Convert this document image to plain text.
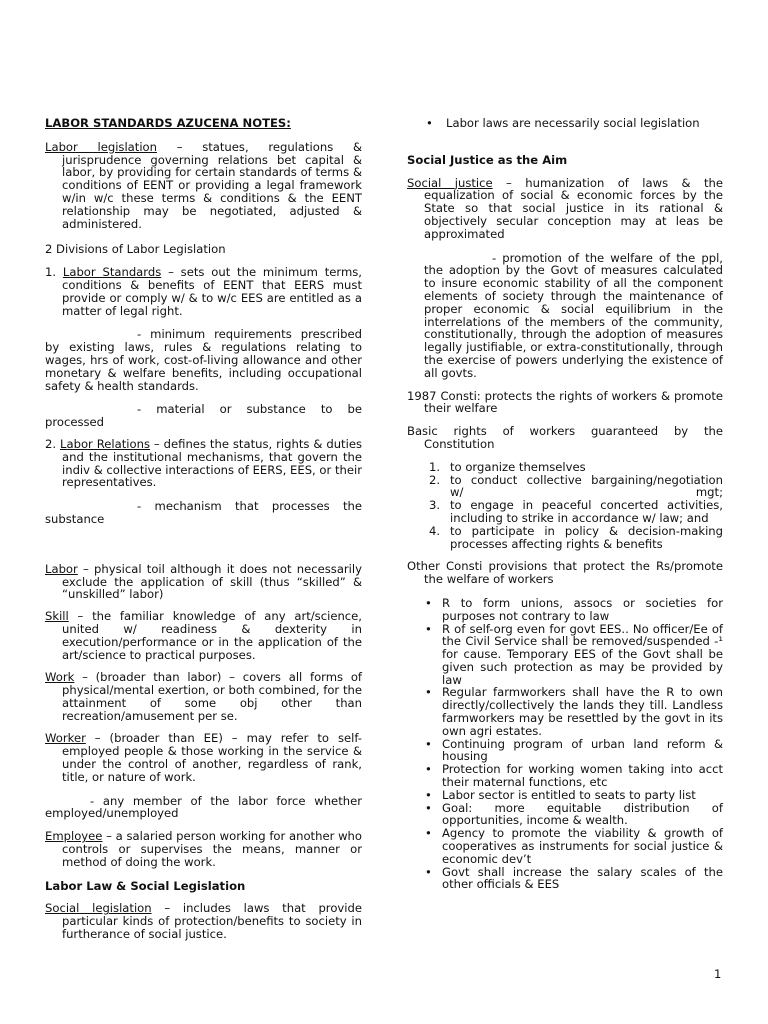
LABOR STANDARDS AZUCENA NOTES:

Labor legislation – statues, regulations & jurisprudence governing relations bet capital & labor, by providing for certain standards of terms & conditions of EENT or providing a legal framework w/in w/c these terms & conditions & the EENT relationship may be negotiated, adjusted & administered.

2 Divisions of Labor Legislation

1. Labor Standards – sets out the minimum terms, conditions & benefits of EENT that EERS must provide or comply w/ & to w/c EES are entitled as a matter of legal right.

- minimum requirements prescribed by existing laws, rules & regulations relating to wages, hrs of work, cost-of-living allowance and other monetary & welfare benefits, including occupational safety & health standards.

- material or substance to be processed

2. Labor Relations – defines the status, rights & duties and the institutional mechanisms, that govern the indiv & collective interactions of EERS, EES, or their representatives.

- mechanism that processes the substance

Labor – physical toil although it does not necessarily exclude the application of skill (thus “skilled” & “unskilled” labor)

Skill – the familiar knowledge of any art/science, united w/ readiness & dexterity in execution/performance or in the application of the art/science to practical purposes.

Work – (broader than labor) – covers all forms of physical/mental exertion, or both combined, for the attainment of some obj other than recreation/amusement per se.

Worker – (broader than EE) – may refer to self-employed people & those working in the service & under the control of another, regardless of rank, title, or nature of work.

- any member of the labor force whether employed/unemployed

Employee – a salaried person working for another who controls or supervises the means, manner or method of doing the work.

Labor Law & Social Legislation

Social legislation – includes laws that provide particular kinds of protection/benefits to society in furtherance of social justice.

• Labor laws are necessarily social legislation

Social Justice as the Aim

Social justice – humanization of laws & the equalization of social & economic forces by the State so that social justice in its rational & objectively secular conception may at leas be approximated

- promotion of the welfare of the ppl, the adoption by the Govt of measures calculated to insure economic stability of all the component elements of society through the maintenance of proper economic & social equilibrium in the interrelations of the members of the community, constitutionally, through the adoption of measures legally justifiable, or extra-constitutionally, through the exercise of powers underlying the existence of all govts.

1987 Consti: protects the rights of workers & promote their welfare

Basic rights of workers guaranteed by the Constitution

1. to organize themselves
2. to conduct collective bargaining/negotiation w/ mgt;
3. to engage in peaceful concerted activities, including to strike in accordance w/ law; and
4. to participate in policy & decision-making processes affecting rights & benefits

Other Consti provisions that protect the Rs/promote the welfare of workers

• R to form unions, assocs or societies for purposes not contrary to law
• R of self-org even for govt EES.. No officer/Ee of the Civil Service shall be removed/suspended ‐¹ for cause. Temporary EES of the Govt shall be given such protection as may be provided by law
• Regular farmworkers shall have the R to own directly/collectively the lands they till. Landless farmworkers may be resettled by the govt in its own agri estates.
• Continuing program of urban land reform & housing
• Protection for working women taking into acct their maternal functions, etc
• Labor sector is entitled to seats to party list
• Goal: more equitable distribution of opportunities, income & wealth.
• Agency to promote the viability & growth of cooperatives as instruments for social justice & economic dev’t
• Govt shall increase the salary scales of the other officials & EES
1
